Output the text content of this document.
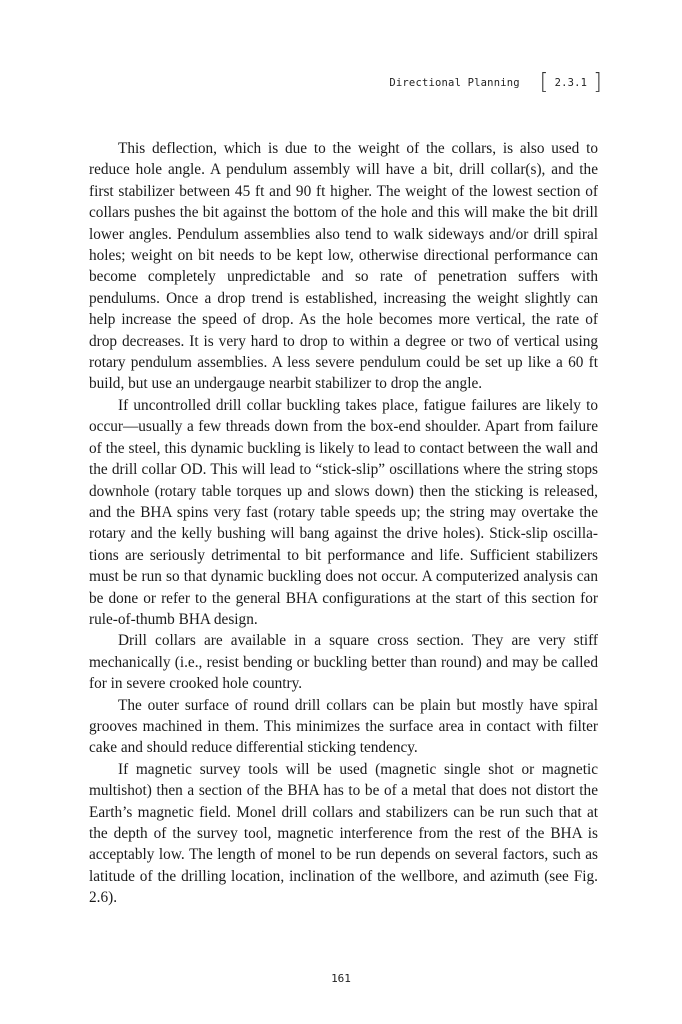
Directional Planning [ 2.3.1 ]

This deflection, which is due to the weight of the collars, is also used to reduce hole angle. A pendulum assembly will have a bit, drill collar(s), and the first stabilizer between 45 ft and 90 ft higher. The weight of the lowest section of collars pushes the bit against the bottom of the hole and this will make the bit drill lower angles. Pendulum assemblies also tend to walk sideways and/or drill spiral holes; weight on bit needs to be kept low, otherwise directional performance can become completely unpredictable and so rate of penetration suffers with pendulums. Once a drop trend is established, increasing the weight slightly can help increase the speed of drop. As the hole becomes more vertical, the rate of drop decreases. It is very hard to drop to within a degree or two of vertical using rotary pendulum assemblies. A less severe pendulum could be set up like a 60 ft build, but use an undergauge nearbit stabilizer to drop the angle.

If uncontrolled drill collar buckling takes place, fatigue failures are likely to occur—usually a few threads down from the box-end shoulder. Apart from failure of the steel, this dynamic buckling is likely to lead to contact between the wall and the drill collar OD. This will lead to “stick-slip” oscillations where the string stops downhole (rotary table torques up and slows down) then the sticking is released, and the BHA spins very fast (rotary table speeds up; the string may overtake the rotary and the kelly bushing will bang against the drive holes). Stick-slip oscillations are seriously detrimental to bit performance and life. Sufficient stabilizers must be run so that dynamic buckling does not occur. A computerized analysis can be done or refer to the general BHA configurations at the start of this section for rule-of-thumb BHA design.

Drill collars are available in a square cross section. They are very stiff mechanically (i.e., resist bending or buckling better than round) and may be called for in severe crooked hole country.

The outer surface of round drill collars can be plain but mostly have spiral grooves machined in them. This minimizes the surface area in contact with filter cake and should reduce differential sticking tendency.

If magnetic survey tools will be used (magnetic single shot or magnetic multishot) then a section of the BHA has to be of a metal that does not distort the Earth’s magnetic field. Monel drill collars and stabilizers can be run such that at the depth of the survey tool, magnetic interference from the rest of the BHA is acceptably low. The length of monel to be run depends on several factors, such as latitude of the drilling location, inclination of the wellbore, and azimuth (see Fig. 2.6).

161
